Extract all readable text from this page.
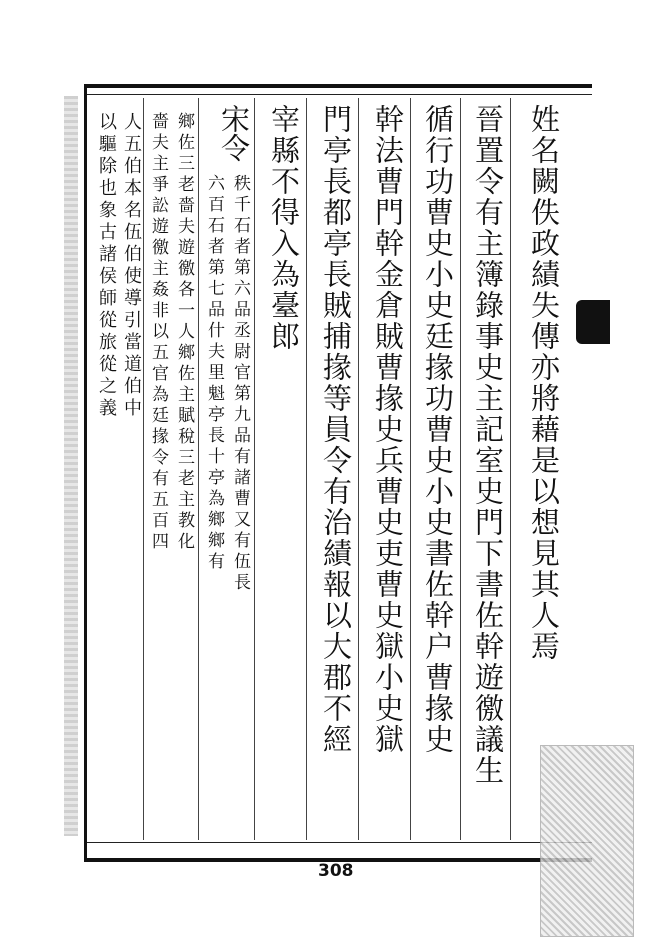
姓名闕佚政績失傳亦將藉是以想見其人焉
晉置令有主簿錄事史主記室史門下書佐幹遊徼議生
循行功曹史小史廷掾功曹史小史書佐幹户曹掾史
幹法曹門幹金倉賊曹掾史兵曹史吏曹史獄小史獄
門亭長都亭長賊捕掾等員令有治績報以大郡不經
宰縣不得入為臺郎
宋令
秩千石者第六品丞尉官第九品有諸曹又有伍長
六百石者第七品什夫里魁亭長十亭為鄉鄉有
鄉佐三老嗇夫遊徼各一人鄉佐主賦稅三老主教化
嗇夫主爭訟遊徼主姦非以五官為廷掾令有五百四
人五伯本名伍伯使導引當道伯中
以驅除也象古諸侯師從旅從之義
308
